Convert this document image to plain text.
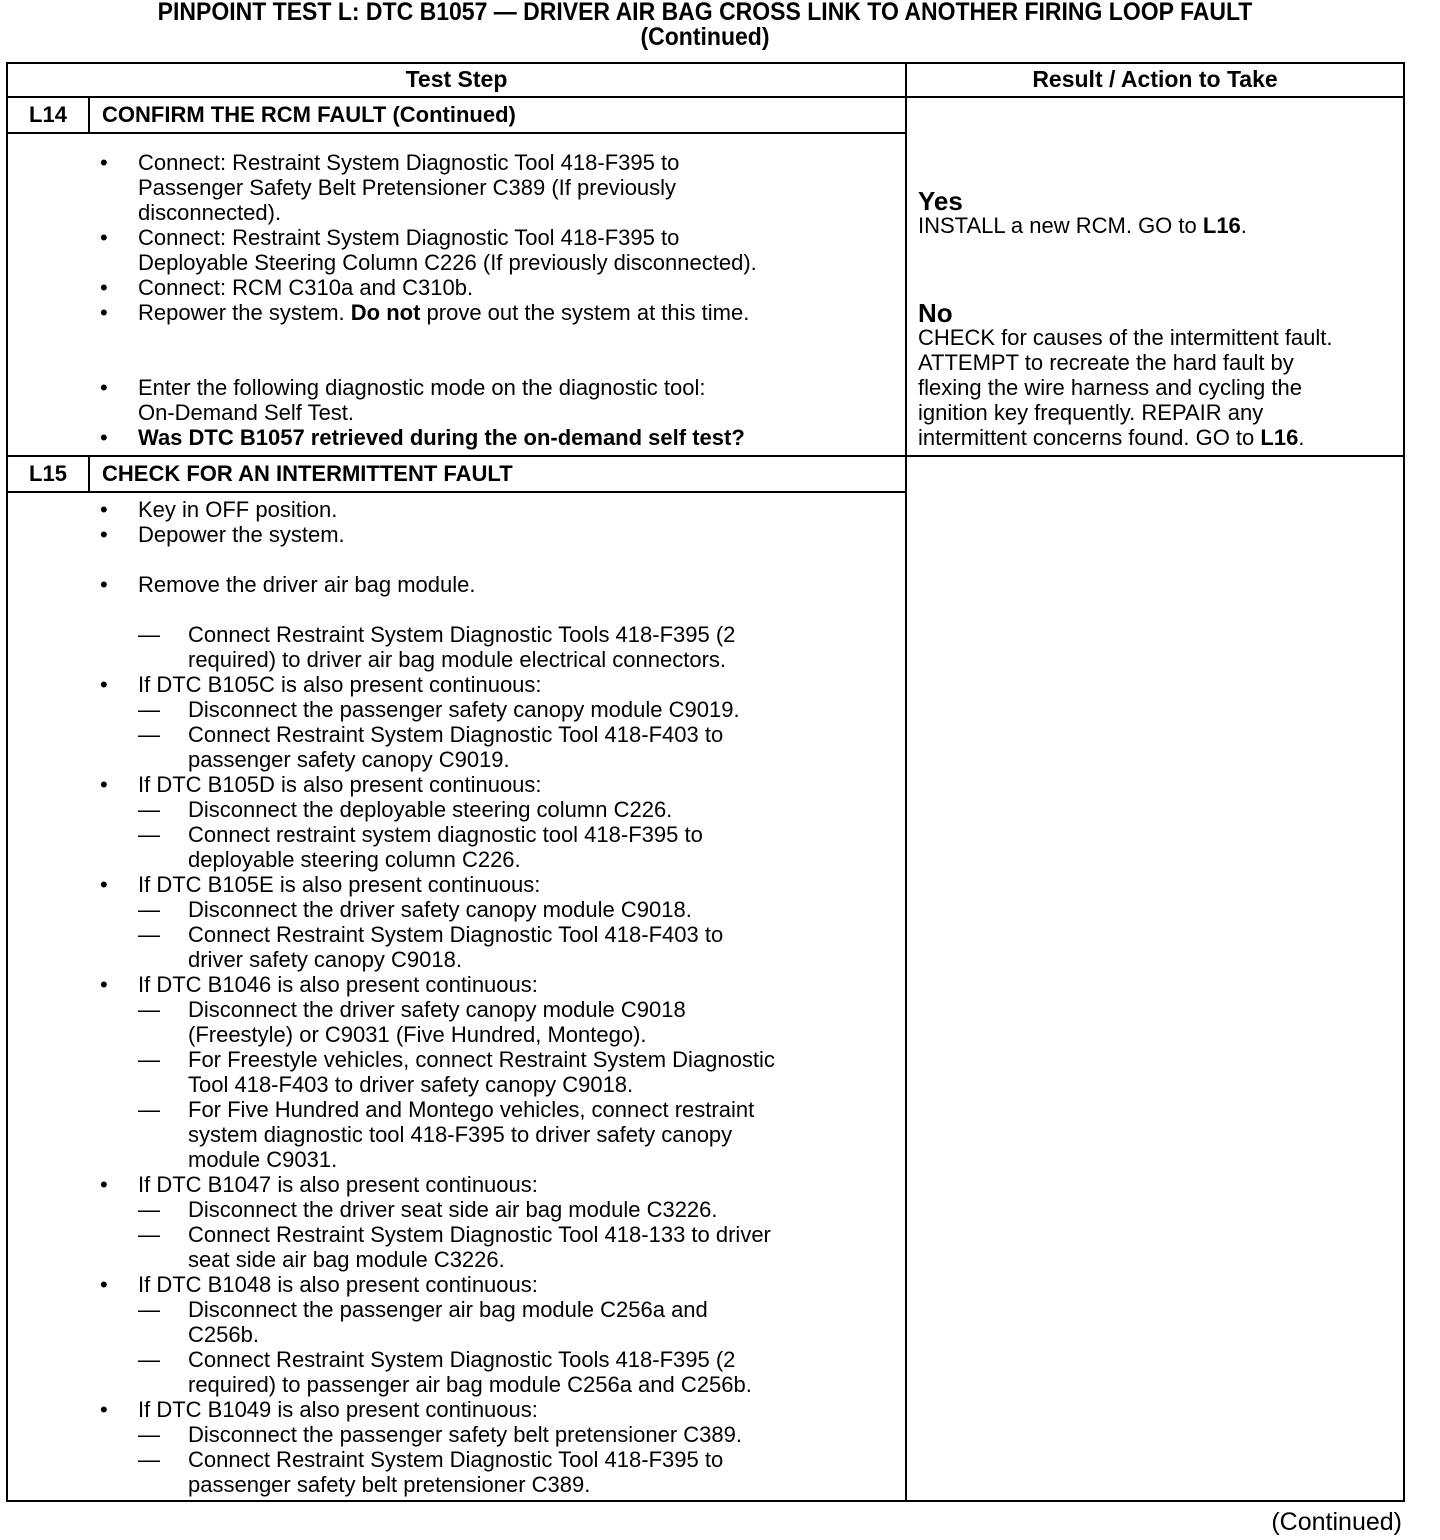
PINPOINT TEST L: DTC B1057 — DRIVER AIR BAG CROSS LINK TO ANOTHER FIRING LOOP FAULT
(Continued)
Test Step	Result / Action to Take
L14	CONFIRM THE RCM FAULT (Continued)
• Connect: Restraint System Diagnostic Tool 418-F395 to
Passenger Safety Belt Pretensioner C389 (If previously
disconnected).
• Connect: Restraint System Diagnostic Tool 418-F395 to
Deployable Steering Column C226 (If previously disconnected).
• Connect: RCM C310a and C310b.
• Repower the system. Do not prove out the system at this time.
• Enter the following diagnostic mode on the diagnostic tool:
On-Demand Self Test.
• Was DTC B1057 retrieved during the on-demand self test?
Yes
INSTALL a new RCM. GO to L16.
No
CHECK for causes of the intermittent fault.
ATTEMPT to recreate the hard fault by
flexing the wire harness and cycling the
ignition key frequently. REPAIR any
intermittent concerns found. GO to L16.
L15	CHECK FOR AN INTERMITTENT FAULT
• Key in OFF position.
• Depower the system.
• Remove the driver air bag module.
— Connect Restraint System Diagnostic Tools 418-F395 (2
required) to driver air bag module electrical connectors.
• If DTC B105C is also present continuous:
— Disconnect the passenger safety canopy module C9019.
— Connect Restraint System Diagnostic Tool 418-F403 to
passenger safety canopy C9019.
• If DTC B105D is also present continuous:
— Disconnect the deployable steering column C226.
— Connect restraint system diagnostic tool 418-F395 to
deployable steering column C226.
• If DTC B105E is also present continuous:
— Disconnect the driver safety canopy module C9018.
— Connect Restraint System Diagnostic Tool 418-F403 to
driver safety canopy C9018.
• If DTC B1046 is also present continuous:
— Disconnect the driver safety canopy module C9018
(Freestyle) or C9031 (Five Hundred, Montego).
— For Freestyle vehicles, connect Restraint System Diagnostic
Tool 418-F403 to driver safety canopy C9018.
— For Five Hundred and Montego vehicles, connect restraint
system diagnostic tool 418-F395 to driver safety canopy
module C9031.
• If DTC B1047 is also present continuous:
— Disconnect the driver seat side air bag module C3226.
— Connect Restraint System Diagnostic Tool 418-133 to driver
seat side air bag module C3226.
• If DTC B1048 is also present continuous:
— Disconnect the passenger air bag module C256a and
C256b.
— Connect Restraint System Diagnostic Tools 418-F395 (2
required) to passenger air bag module C256a and C256b.
• If DTC B1049 is also present continuous:
— Disconnect the passenger safety belt pretensioner C389.
— Connect Restraint System Diagnostic Tool 418-F395 to
passenger safety belt pretensioner C389.
(Continued)
